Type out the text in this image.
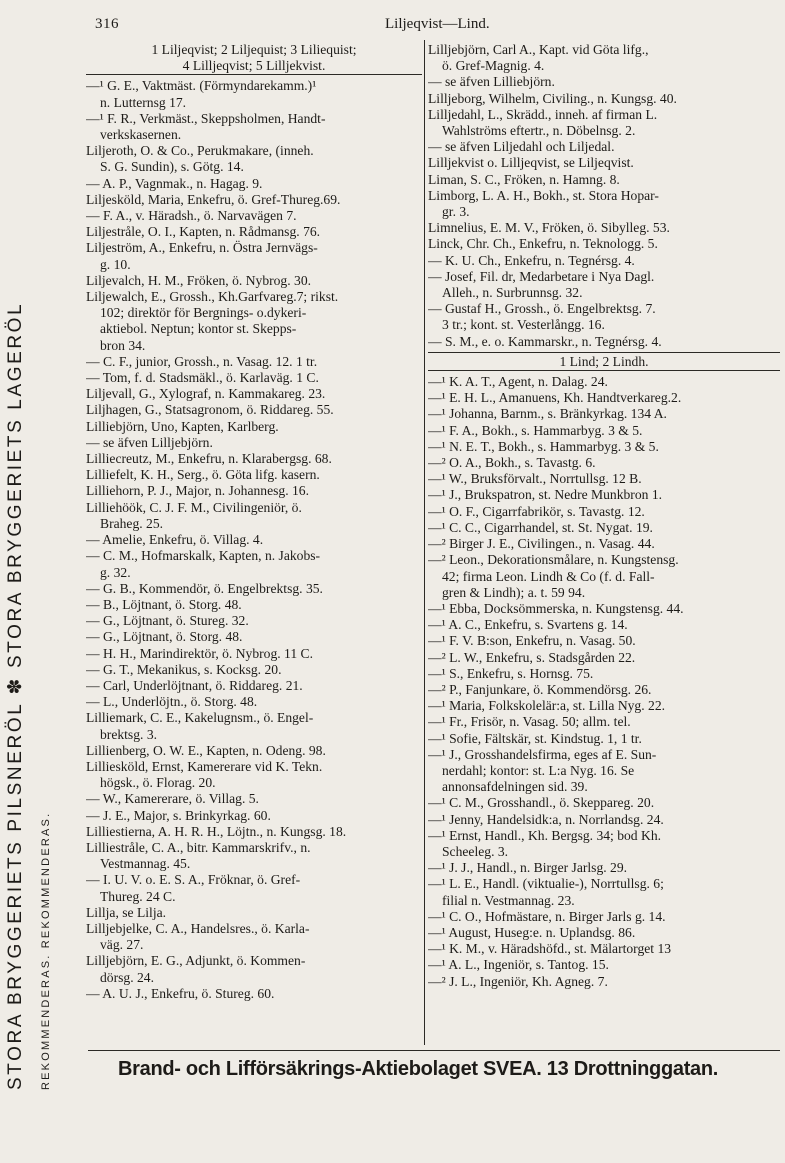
316	Liljeqvist—Lind.
STORA BRYGGERIETS PILSNERÖL ✽ STORA BRYGGERIETS LAGERÖL REKOMMENDERAS. REKOMMENDERAS.
1 Liljeqvist; 2 Liljequist; 3 Liliequist;
4 Lilljeqvist; 5 Lilljekvist.
—¹ G. E., Vaktmäst. (Förmyndarekamm.)¹
n. Lutternsg 17.
—¹ F. R., Verkmäst., Skeppsholmen, Handt-
verkskasernen.
Liljeroth, O. & Co., Perukmakare, (inneh.
S. G. Sundin), s. Götg. 14.
— A. P., Vagnmak., n. Hagag. 9.
Liljesköld, Maria, Enkefru, ö. Gref-Thureg.69.
— F. A., v. Häradsh., ö. Narvavägen 7.
Liljestråle, O. I., Kapten, n. Rådmansg. 76.
Liljeström, A., Enkefru, n. Östra Jernvägs-
g. 10.
Liljevalch, H. M., Fröken, ö. Nybrog. 30.
Liljewalch, E., Grossh., Kh.Garfvareg.7; rikst.
102; direktör för Bergnings- o.dykeri-
aktiebol. Neptun; kontor st. Skepps-
bron 34.
— C. F., junior, Grossh., n. Vasag. 12. 1 tr.
— Tom, f. d. Stadsmäkl., ö. Karlaväg. 1 C.
Liljevall, G., Xylograf, n. Kammakareg. 23.
Liljhagen, G., Statsagronom, ö. Riddareg. 55.
Lilliebjörn, Uno, Kapten, Karlberg.
— se äfven Lilljebjörn.
Lilliecreutz, M., Enkefru, n. Klarabergsg. 68.
Lilliefelt, K. H., Serg., ö. Göta lifg. kasern.
Lilliehorn, P. J., Major, n. Johannesg. 16.
Lilliehöök, C. J. F. M., Civilingeniör, ö.
Braheg. 25.
— Amelie, Enkefru, ö. Villag. 4.
— C. M., Hofmarskalk, Kapten, n. Jakobs-
g. 32.
— G. B., Kommendör, ö. Engelbrektsg. 35.
— B., Löjtnant, ö. Storg. 48.
— G., Löjtnant, ö. Stureg. 32.
— G., Löjtnant, ö. Storg. 48.
— H. H., Marindirektör, ö. Nybrog. 11 C.
— G. T., Mekanikus, s. Kocksg. 20.
— Carl, Underlöjtnant, ö. Riddareg. 21.
— L., Underlöjtn., ö. Storg. 48.
Lilliemark, C. E., Kakelugnsm., ö. Engel-
brektsg. 3.
Lillienberg, O. W. E., Kapten, n. Odeng. 98.
Lilliesköld, Ernst, Kamererare vid K. Tekn.
högsk., ö. Florag. 20.
— W., Kamererare, ö. Villag. 5.
— J. E., Major, s. Brinkyrkag. 60.
Lilliestierna, A. H. R. H., Löjtn., n. Kungsg. 18.
Lilliestråle, C. A., bitr. Kammarskrifv., n.
Vestmannag. 45.
— I. U. V. o. E. S. A., Fröknar, ö. Gref-
Thureg. 24 C.
Lillja, se Lilja.
Lilljebjelke, C. A., Handelsres., ö. Karla-
väg. 27.
Lilljebjörn, E. G., Adjunkt, ö. Kommen-
dörsg. 24.
— A. U. J., Enkefru, ö. Stureg. 60.
Lilljebjörn, Carl A., Kapt. vid Göta lifg.,
ö. Gref-Magnig. 4.
— se äfven Lilliebjörn.
Lilljeborg, Wilhelm, Civiling., n. Kungsg. 40.
Lilljedahl, L., Skrädd., inneh. af firman L.
Wahlströms eftertr., n. Döbelnsg. 2.
— se äfven Liljedahl och Liljedal.
Lilljekvist o. Lilljeqvist, se Liljeqvist.
Liman, S. C., Fröken, n. Hamng. 8.
Limborg, L. A. H., Bokh., st. Stora Hopar-
gr. 3.
Limnelius, E. M. V., Fröken, ö. Sibylleg. 53.
Linck, Chr. Ch., Enkefru, n. Teknologg. 5.
— K. U. Ch., Enkefru, n. Tegnérsg. 4.
— Josef, Fil. dr, Medarbetare i Nya Dagl.
Alleh., n. Surbrunnsg. 32.
— Gustaf H., Grossh., ö. Engelbrektsg. 7.
3 tr.; kont. st. Vesterlångg. 16.
— S. M., e. o. Kammarskr., n. Tegnérsg. 4.
1 Lind; 2 Lindh.
—¹ K. A. T., Agent, n. Dalag. 24.
—¹ E. H. L., Amanuens, Kh. Handtverkareg.2.
—¹ Johanna, Barnm., s. Bränkyrkag. 134 A.
—¹ F. A., Bokh., s. Hammarbyg. 3 & 5.
—¹ N. E. T., Bokh., s. Hammarbyg. 3 & 5.
—² O. A., Bokh., s. Tavastg. 6.
—¹ W., Bruksförvalt., Norrtullsg. 12 B.
—¹ J., Brukspatron, st. Nedre Munkbron 1.
—¹ O. F., Cigarrfabrikör, s. Tavastg. 12.
—¹ C. C., Cigarrhandel, st. St. Nygat. 19.
—² Birger J. E., Civilingen., n. Vasag. 44.
—² Leon., Dekorationsmålare, n. Kungstensg.
42; firma Leon. Lindh & Co (f. d. Fall-
gren & Lindh); a. t. 59 94.
—¹ Ebba, Docksömmerska, n. Kungstensg. 44.
—¹ A. C., Enkefru, s. Svartens g. 14.
—¹ F. V. B:son, Enkefru, n. Vasag. 50.
—² L. W., Enkefru, s. Stadsgården 22.
—¹ S., Enkefru, s. Hornsg. 75.
—² P., Fanjunkare, ö. Kommendörsg. 26.
—¹ Maria, Folkskolelär:a, st. Lilla Nyg. 22.
—¹ Fr., Frisör, n. Vasag. 50; allm. tel.
—¹ Sofie, Fältskär, st. Kindstug. 1, 1 tr.
—¹ J., Grosshandelsfirma, eges af E. Sun-
nerdahl; kontor: st. L:a Nyg. 16. Se
annonsafdelningen sid. 39.
—¹ C. M., Grosshandl., ö. Skeppareg. 20.
—¹ Jenny, Handelsidk:a, n. Norrlandsg. 24.
—¹ Ernst, Handl., Kh. Bergsg. 34; bod Kh.
Scheeleg. 3.
—¹ J. J., Handl., n. Birger Jarlsg. 29.
—¹ L. E., Handl. (viktualie-), Norrtullsg. 6;
filial n. Vestmannag. 23.
—¹ C. O., Hofmästare, n. Birger Jarls g. 14.
—¹ August, Huseg:e. n. Uplandsg. 86.
—¹ K. M., v. Häradshöfd., st. Mälartorget 13
—¹ A. L., Ingeniör, s. Tantog. 15.
—² J. L., Ingeniör, Kh. Agneg. 7.
Brand- och Lifförsäkrings-Aktiebolaget SVEA. 13 Drottninggatan.
